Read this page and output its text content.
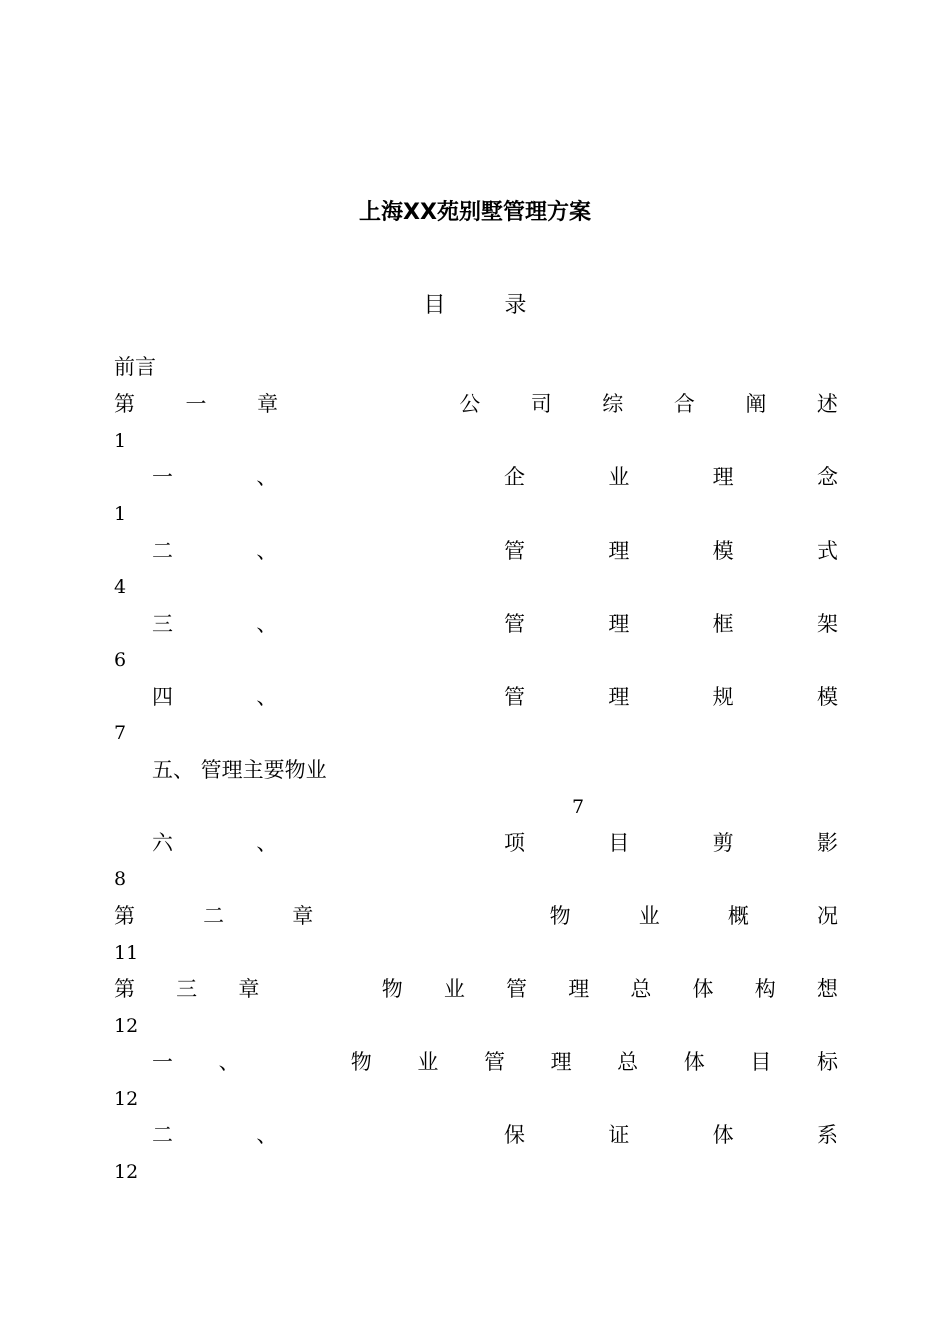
上海XX苑别墅管理方案
目 录
前言
第 一 章	公 司 综 合 阐 述
1
一	、	企	业	理	念
1
二	、	管	理	模	式
4
三	、	管	理	框	架
6
四	、	管	理	规	模
7
五、 管理主要物业
7
六	、	项	目	剪	影
8
第	二	章	物	业	概	况
11
第 三 章	物 业 管 理 总 体 构 想
12
一 、	物 业 管 理 总 体 目 标
12
二	、	保	证	体	系
12
